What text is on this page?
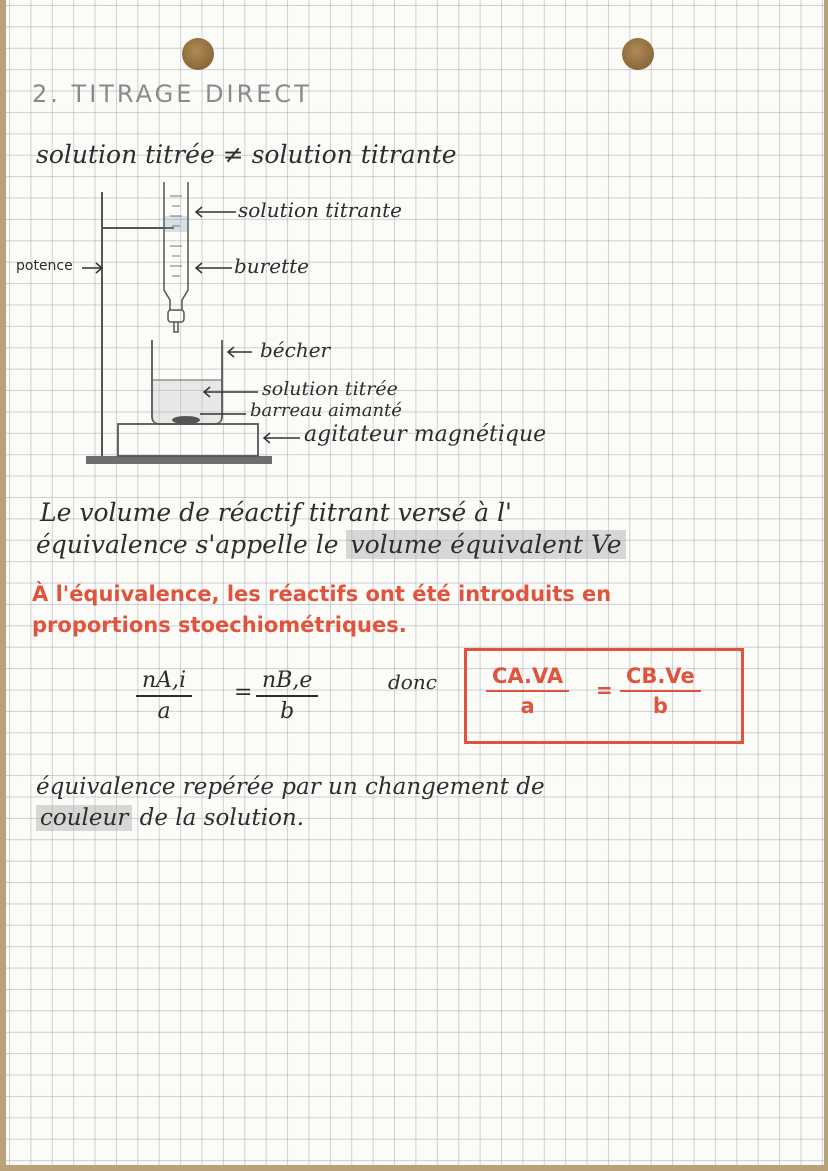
2. TITRAGE DIRECT
solution titrée ≠ solution titrante
solution titrante
burette
potence
bécher
solution titrée
barreau aimanté
agitateur magnétique
Le volume de réactif titrant versé à l'
équivalence s'appelle le volume équivalent Ve
À l'équivalence, les réactifs ont été introduits en
proportions stoechiométriques.
$\frac{nA,i}{a} = \frac{nB,e}{b}$	donc $\frac{CA.VA}{a} = \frac{CB.Ve}{b}$
équivalence repérée par un changement de
couleur de la solution.
